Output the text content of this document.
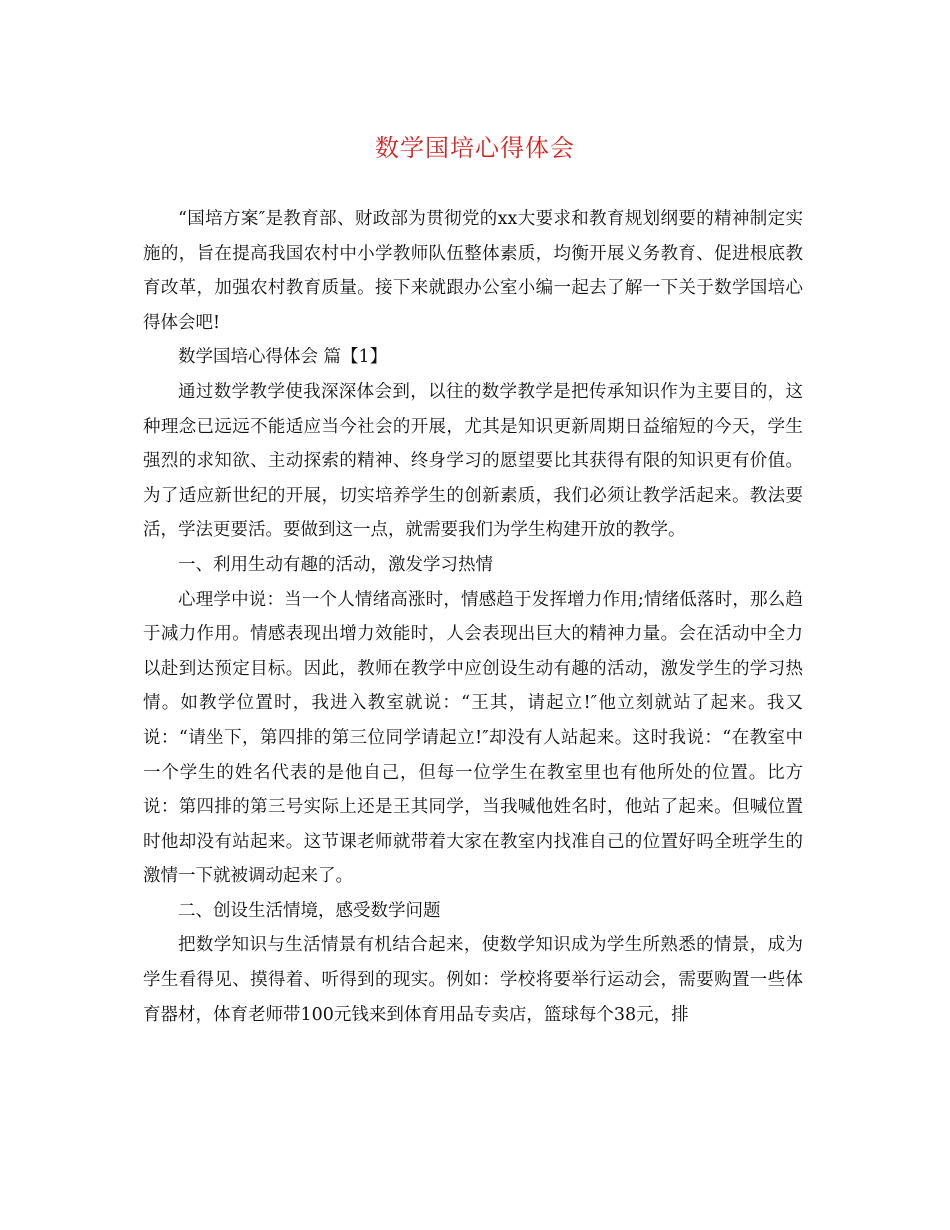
数学国培心得体会

“国培方案″是教育部、财政部为贯彻党的xx大要求和教育规划纲要的精神制定实施的，旨在提高我国农村中小学教师队伍整体素质，均衡开展义务教育、促进根底教育改革，加强农村教育质量。接下来就跟办公室小编一起去了解一下关于数学国培心得体会吧!

数学国培心得体会 篇【1】

通过数学教学使我深深体会到，以往的数学教学是把传承知识作为主要目的，这种理念已远远不能适应当今社会的开展，尤其是知识更新周期日益缩短的今天，学生强烈的求知欲、主动探索的精神、终身学习的愿望要比其获得有限的知识更有价值。为了适应新世纪的开展，切实培养学生的创新素质，我们必须让教学活起来。教法要活，学法更要活。要做到这一点，就需要我们为学生构建开放的教学。

一、利用生动有趣的活动，激发学习热情

心理学中说：当一个人情绪高涨时，情感趋于发挥增力作用;情绪低落时，那么趋于减力作用。情感表现出增力效能时，人会表现出巨大的精神力量。会在活动中全力以赴到达预定目标。因此，教师在教学中应创设生动有趣的活动，激发学生的学习热情。如教学位置时，我进入教室就说：“王其，请起立!″他立刻就站了起来。我又说：“请坐下，第四排的第三位同学请起立!″却没有人站起来。这时我说：“在教室中一个学生的姓名代表的是他自己，但每一位学生在教室里也有他所处的位置。比方说：第四排的第三号实际上还是王其同学，当我喊他姓名时，他站了起来。但喊位置时他却没有站起来。这节课老师就带着大家在教室内找准自己的位置好吗全班学生的激情一下就被调动起来了。

二、创设生活情境，感受数学问题

把数学知识与生活情景有机结合起来，使数学知识成为学生所熟悉的情景，成为学生看得见、摸得着、听得到的现实。例如：学校将要举行运动会，需要购置一些体育器材，体育老师带100元钱来到体育用品专卖店，篮球每个38元，排
